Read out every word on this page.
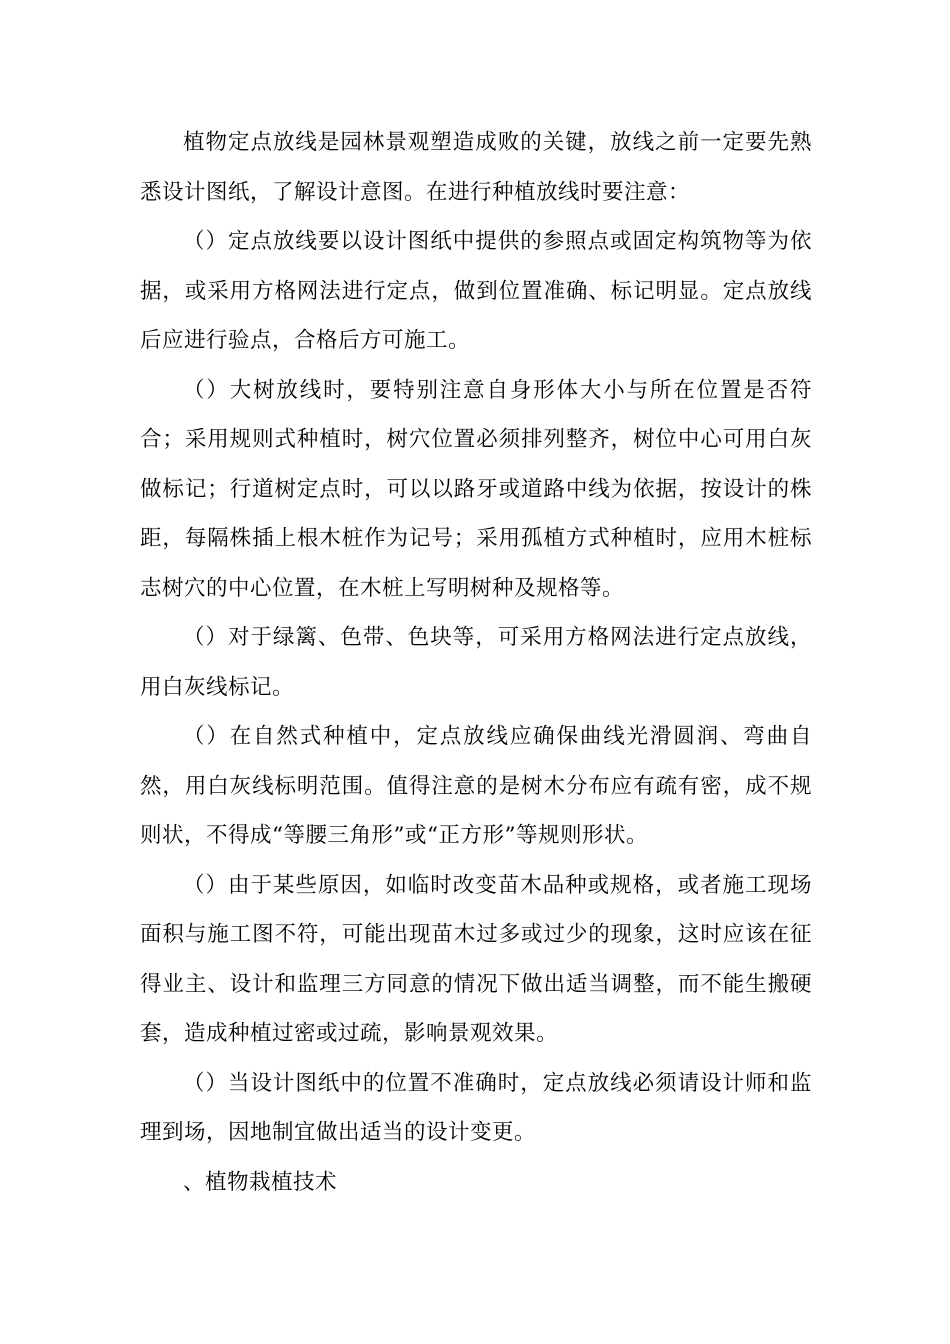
植物定点放线是园林景观塑造成败的关键，放线之前一定要先熟悉设计图纸，了解设计意图。在进行种植放线时要注意：

（）定点放线要以设计图纸中提供的参照点或固定构筑物等为依据，或采用方格网法进行定点，做到位置准确、标记明显。定点放线后应进行验点，合格后方可施工。

（）大树放线时，要特别注意自身形体大小与所在位置是否符合；采用规则式种植时，树穴位置必须排列整齐，树位中心可用白灰做标记；行道树定点时，可以以路牙或道路中线为依据，按设计的株距，每隔株插上根木桩作为记号；采用孤植方式种植时，应用木桩标志树穴的中心位置，在木桩上写明树种及规格等。

（）对于绿篱、色带、色块等，可采用方格网法进行定点放线，用白灰线标记。

（）在自然式种植中，定点放线应确保曲线光滑圆润、弯曲自然，用白灰线标明范围。值得注意的是树木分布应有疏有密，成不规则状，不得成“等腰三角形”或“正方形”等规则形状。

（）由于某些原因，如临时改变苗木品种或规格，或者施工现场面积与施工图不符，可能出现苗木过多或过少的现象，这时应该在征得业主、设计和监理三方同意的情况下做出适当调整，而不能生搬硬套，造成种植过密或过疏，影响景观效果。

（）当设计图纸中的位置不准确时，定点放线必须请设计师和监理到场，因地制宜做出适当的设计变更。

、植物栽植技术
